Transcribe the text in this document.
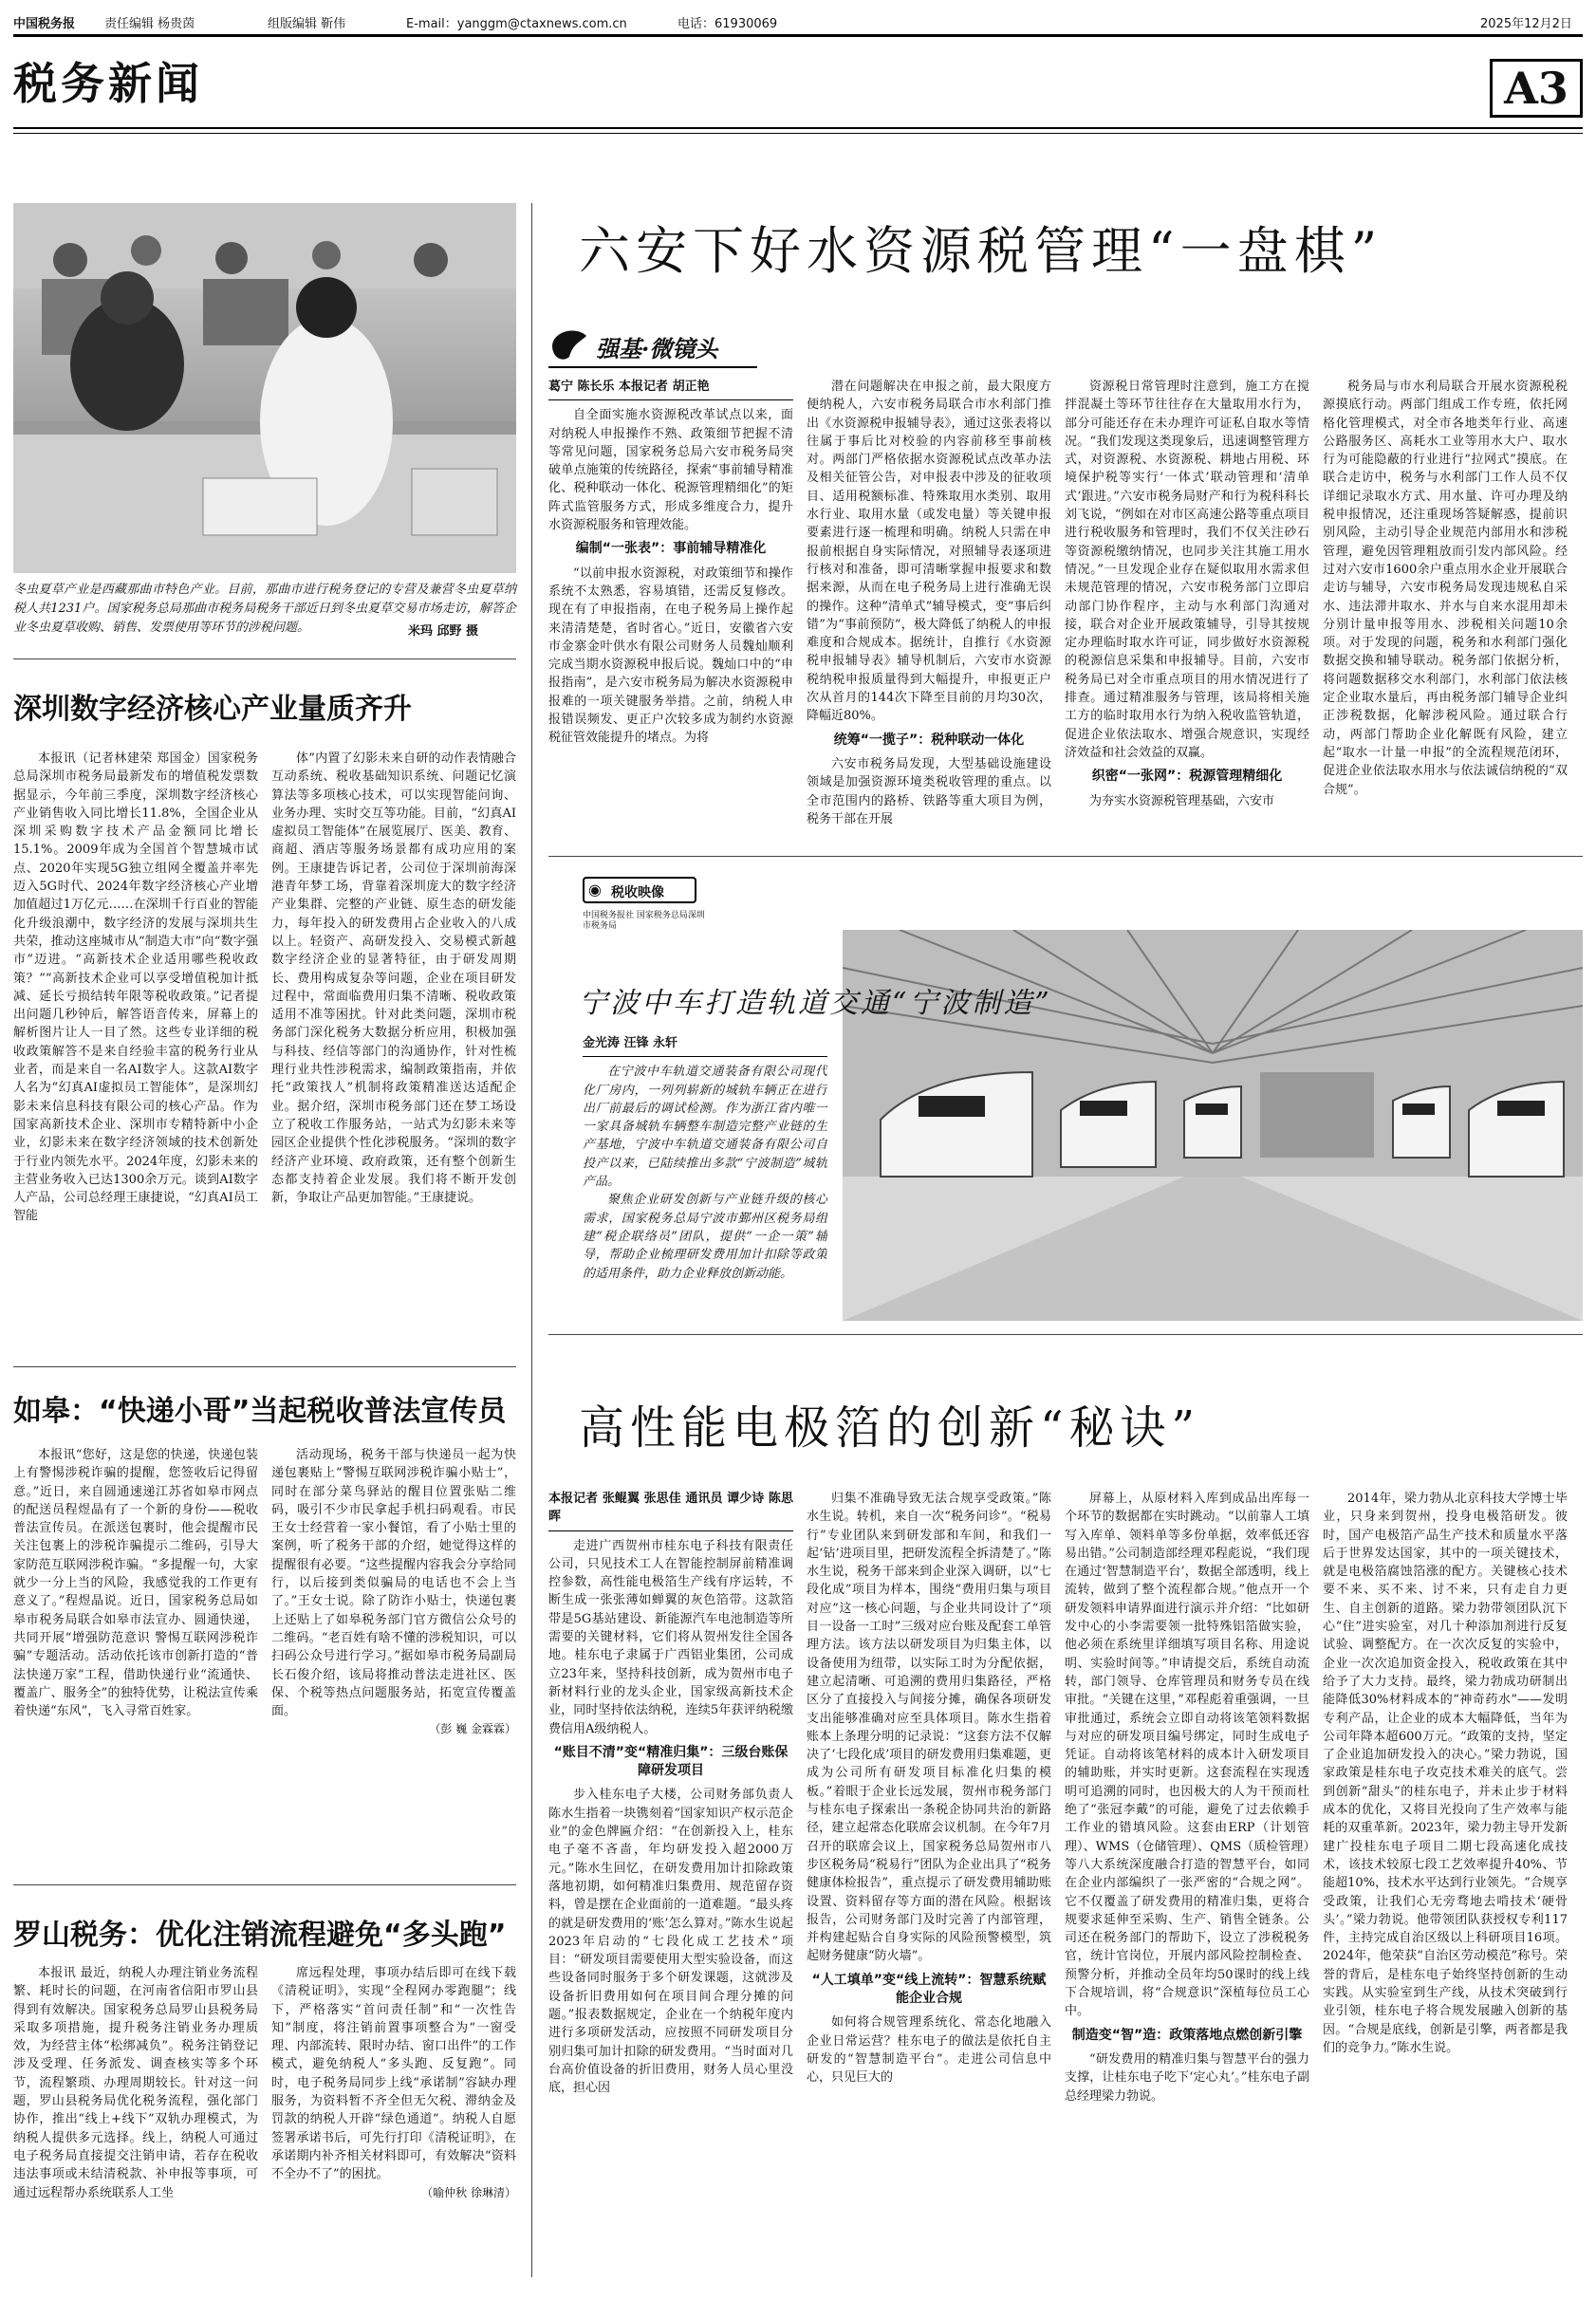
中国税务报 责任编辑 杨贵茵	组版编辑 靳伟	E-mail：yanggm@ctaxnews.com.cn	电话：61930069	2025年12月2日
税务新闻	A3
冬虫夏草产业是西藏那曲市特色产业。目前，那曲市进行税务登记的专营及兼营冬虫夏草纳税人共1231户。国家税务总局那曲市税务局税务干部近日到冬虫夏草交易市场走访，解答企业冬虫夏草收购、销售、发票使用等环节的涉税问题。	米玛 邱野 摄
深圳数字经济核心产业量质齐升

本报讯（记者林建荣 郑国金）国家税务总局深圳市税务局最新发布的增值税发票数据显示，今年前三季度，深圳数字经济核心产业销售收入同比增长11.8%，全国企业从深圳采购数字技术产品金额同比增长15.1%。2009年成为全国首个智慧城市试点、2020年实现5G独立组网全覆盖并率先迈入5G时代、2024年数字经济核心产业增加值超过1万亿元……在深圳千行百业的智能化升级浪潮中，数字经济的发展与深圳共生共荣，推动这座城市从“制造大市”向“数字强市”迈进。“高新技术企业适用哪些税收政策？”“高新技术企业可以享受增值税加计抵减、延长亏损结转年限等税收政策。”记者提出问题几秒钟后，解答语音传来，屏幕上的解析图片让人一目了然。这些专业详细的税收政策解答不是来自经验丰富的税务行业从业者，而是来自一名AI数字人。这款AI数字人名为“幻真AI虚拟员工智能体”，是深圳幻影未来信息科技有限公司的核心产品。作为国家高新技术企业、深圳市专精特新中小企业，幻影未来在数字经济领域的技术创新处于行业内领先水平。2024年度，幻影未来的主营业务收入已达1300余万元。谈到AI数字人产品，公司总经理王康捷说，“幻真AI员工智能

体”内置了幻影未来自研的动作表情融合互动系统、税收基础知识系统、问题记忆演算法等多项核心技术，可以实现智能问询、业务办理、实时交互等功能。目前，“幻真AI虚拟员工智能体”在展览展厅、医美、教育、商超、酒店等服务场景都有成功应用的案例。王康捷告诉记者，公司位于深圳前海深港青年梦工场，背靠着深圳庞大的数字经济产业集群、完整的产业链、原生态的研发能力，每年投入的研发费用占企业收入的八成以上。轻资产、高研发投入、交易模式新越数字经济企业的显著特征，由于研发周期长、费用构成复杂等问题，企业在项目研发过程中，常面临费用归集不清晰、税收政策适用不准等困扰。针对此类问题，深圳市税务部门深化税务大数据分析应用，积极加强与科技、经信等部门的沟通协作，针对性梳理行业共性涉税需求，编制政策指南，并依托“政策找人”机制将政策精准送达适配企业。据介绍，深圳市税务部门还在梦工场设立了税收工作服务站，一站式为幻影未来等园区企业提供个性化涉税服务。“深圳的数字经济产业环境、政府政策，还有整个创新生态都支持着企业发展。我们将不断开发创新，争取让产品更加智能。”王康捷说。

如皋：“快递小哥”当起税收普法宣传员

本报讯“您好，这是您的快递，快递包装上有警惕涉税诈骗的提醒，您签收后记得留意。”近日，来自圆通速递江苏省如皋市网点的配送员程煜晶有了一个新的身份——税收普法宣传员。在派送包裹时，他会提醒市民关注包裹上的涉税诈骗提示二维码，引导大家防范互联网涉税诈骗。“多提醒一句，大家就少一分上当的风险，我感觉我的工作更有意义了。”程煜晶说。近日，国家税务总局如皋市税务局联合如皋市法宣办、圆通快递，共同开展“增强防范意识 警惕互联网涉税诈骗”专题活动。活动依托该市创新打造的“普法快递万家”工程，借助快递行业“流通快、覆盖广、服务全”的独特优势，让税法宣传乘着快递“东风”，飞入寻常百姓家。

活动现场，税务干部与快递员一起为快递包裹贴上“警惕互联网涉税诈骗小贴士”，同时在部分菜鸟驿站的醒目位置张贴二维码，吸引不少市民拿起手机扫码观看。市民王女士经营着一家小餐馆，看了小贴士里的案例，听了税务干部的介绍，她觉得这样的提醒很有必要。“这些提醒内容我会分享给同行，以后接到类似骗局的电话也不会上当了。”王女士说。除了防诈小贴士，快递包裹上还贴上了如皋税务部门官方微信公众号的二维码。“老百姓有啥不懂的涉税知识，可以扫码公众号进行学习。”据如皋市税务局副局长石俊介绍，该局将推动普法走进社区、医保、个税等热点问题服务站，拓宽宣传覆盖面。

（彭 巍 金霖霖）

罗山税务：优化注销流程避免“多头跑”

本报讯 最近，纳税人办理注销业务流程繁、耗时长的问题，在河南省信阳市罗山县得到有效解决。国家税务总局罗山县税务局采取多项措施，提升税务注销业务办理质效，为经营主体“松绑减负”。税务注销登记涉及受理、任务派发、调查核实等多个环节，流程繁琐、办理周期较长。针对这一问题，罗山县税务局优化税务流程，强化部门协作，推出“线上+线下”双轨办理模式，为纳税人提供多元选择。线上，纳税人可通过电子税务局直接提交注销申请，若存在税收违法事项或未结清税款、补申报等事项，可通过远程帮办系统联系人工坐

席远程处理，事项办结后即可在线下载《清税证明》，实现“全程网办零跑腿”；线下，严格落实“首问责任制”和“一次性告知”制度，将注销前置事项整合为“一窗受理、内部流转、限时办结、窗口出件”的工作模式，避免纳税人“多头跑、反复跑”。同时，电子税务局同步上线“承诺制”容缺办理服务，为资料暂不齐全但无欠税、滞纳金及罚款的纳税人开辟“绿色通道”。纳税人自愿签署承诺书后，可先行打印《清税证明》，在承诺期内补齐相关材料即可，有效解决“资料不全办不了”的困扰。

（喻仲秋 徐琳清）

六安下好水资源税管理“一盘棋”
强基·微镜头

葛宁 陈长乐 本报记者 胡正艳

自全面实施水资源税改革试点以来，面对纳税人申报操作不熟、政策细节把握不清等常见问题，国家税务总局六安市税务局突破单点施策的传统路径，探索“事前辅导精准化、税种联动一体化、税源管理精细化”的矩阵式监管服务方式，形成多维度合力，提升水资源税服务和管理效能。

编制“一张表”：事前辅导精准化

“以前申报水资源税，对政策细节和操作系统不太熟悉，容易填错，还需反复修改。现在有了申报指南，在电子税务局上操作起来清清楚楚，省时省心。”近日，安徽省六安市金寨金叶供水有限公司财务人员魏灿顺利完成当期水资源税申报后说。魏灿口中的“申报指南”，是六安市税务局为解决水资源税申报难的一项关键服务举措。之前，纳税人申报错误频发、更正户次较多成为制约水资源税征管效能提升的堵点。为将

潜在问题解决在申报之前，最大限度方便纳税人，六安市税务局联合市水利部门推出《水资源税申报辅导表》，通过这张表将以往属于事后比对校验的内容前移至事前核对。两部门严格依据水资源税试点改革办法及相关征管公告，对申报表中涉及的征收项目、适用税额标准、特殊取用水类别、取用水行业、取用水量（或发电量）等关键申报要素进行逐一梳理和明确。纳税人只需在申报前根据自身实际情况，对照辅导表逐项进行核对和准备，即可清晰掌握申报要求和数据来源，从而在电子税务局上进行准确无误的操作。这种“清单式”辅导模式，变“事后纠错”为“事前预防”，极大降低了纳税人的申报难度和合规成本。据统计，自推行《水资源税申报辅导表》辅导机制后，六安市水资源税纳税申报质量得到大幅提升，申报更正户次从首月的144次下降至目前的月均30次，降幅近80%。

统筹“一揽子”：税种联动一体化

六安市税务局发现，大型基础设施建设领域是加强资源环境类税收管理的重点。以全市范围内的路桥、铁路等重大项目为例，税务干部在开展

资源税日常管理时注意到，施工方在搅拌混凝土等环节往往存在大量取用水行为，部分可能还存在未办理许可证私自取水等情况。“我们发现这类现象后，迅速调整管理方式，对资源税、水资源税、耕地占用税、环境保护税等实行‘一体式’联动管理和‘清单式’跟进。”六安市税务局财产和行为税科科长刘飞说，“例如在对市区高速公路等重点项目进行税收服务和管理时，我们不仅关注砂石等资源税缴纳情况，也同步关注其施工用水情况。”一旦发现企业存在疑似取用水需求但未规范管理的情况，六安市税务部门立即启动部门协作程序，主动与水利部门沟通对接，联合对企业开展政策辅导，引导其按规定办理临时取水许可证，同步做好水资源税的税源信息采集和申报辅导。目前，六安市税务局已对全市重点项目的用水情况进行了排查。通过精准服务与管理，该局将相关施工方的临时取用水行为纳入税收监管轨道，促进企业依法取水、增强合规意识，实现经济效益和社会效益的双赢。

织密“一张网”：税源管理精细化

为夯实水资源税管理基础，六安市

税务局与市水利局联合开展水资源税税源摸底行动。两部门组成工作专班，依托网格化管理模式，对全市各地类年行业、高速公路服务区、高耗水工业等用水大户、取水行为可能隐蔽的行业进行“拉网式”摸底。在联合走访中，税务与水利部门工作人员不仅详细记录取水方式、用水量、许可办理及纳税申报情况，还注重现场答疑解惑，提前识别风险，主动引导企业规范内部用水和涉税管理，避免因管理粗放而引发内部风险。经过对六安市1600余户重点用水企业开展联合走访与辅导，六安市税务局发现违规私自采水、违法滞井取水、并水与自来水混用却未分别计量申报等用水、涉税相关问题10余项。对于发现的问题，税务和水利部门强化数据交换和辅导联动。税务部门依据分析，将问题数据移交水利部门，水利部门依法核定企业取水量后，再由税务部门辅导企业纠正涉税数据，化解涉税风险。通过联合行动，两部门帮助企业化解既有风险，建立起“取水一计量一申报”的全流程规范闭环，促进企业依法取水用水与依法诚信纳税的“双合规”。

◉ 税收映像
中国税务报社 国家税务总局深圳市税务局
宁波中车打造轨道交通“宁波制造”

金光涛 汪锋 永轩

在宁波中车轨道交通装备有限公司现代化厂房内，一列列崭新的城轨车辆正在进行出厂前最后的调试检测。作为浙江省内唯一一家具备城轨车辆整车制造完整产业链的生产基地，宁波中车轨道交通装备有限公司自投产以来，已陆续推出多款“宁波制造”城轨产品。

聚焦企业研发创新与产业链升级的核心需求，国家税务总局宁波市鄞州区税务局组建“税企联络员”团队，提供“一企一策”辅导，帮助企业梳理研发费用加计扣除等政策的适用条件，助力企业释放创新动能。

高性能电极箔的创新“秘诀”

本报记者 张鲲翼 张思佳 通讯员 谭少诗 陈思晖

走进广西贺州市桂东电子科技有限责任公司，只见技术工人在智能控制屏前精准调控参数，高性能电极箔生产线有序运转，不断生成一张张薄如蝉翼的灰色箔带。这款箔带是5G基站建设、新能源汽车电池制造等所需要的关键材料，它们将从贺州发往全国各地。桂东电子隶属于广西铝业集团，公司成立23年来，坚持科技创新，成为贺州市电子新材料行业的龙头企业，国家级高新技术企业，同时坚持依法纳税，连续5年获评纳税缴费信用A级纳税人。

“账目不清”变“精准归集”：三级台账保障研发项目

步入桂东电子大楼，公司财务部负责人陈水生指着一块镌刻着“国家知识产权示范企业”的金色牌匾介绍：“在创新投入上，桂东电子毫不吝啬，年均研发投入超2000万元。”陈水生回忆，在研发费用加计扣除政策落地初期，如何精准归集费用、规范留存资料，曾是摆在企业面前的一道难题。“最头疼的就是研发费用的‘账’怎么算对。”陈水生说起2023年启动的“七段化成工艺技术”项目：“研发项目需要使用大型实验设备，而这些设备同时服务于多个研发课题，这就涉及设备折旧费用如何在项目间合理分摊的问题。”报表数据规定，企业在一个纳税年度内进行多项研发活动，应按照不同研发项目分别归集可加计扣除的研发费用。“当时面对几台高价值设备的折旧费用，财务人员心里没底，担心因

归集不准确导致无法合规享受政策。”陈水生说。转机，来自一次“税务问诊”。“税易行”专业团队来到研发部和车间，和我们一起‘钻’进项目里，把研发流程全拆清楚了。”陈水生说，税务干部来到企业深入调研，以“七段化成”项目为样本，围绕“费用归集与项目对应”这一核心问题，与企业共同设计了“项目一设备一工时”三级对应台账及配套工单管理方法。该方法以研发项目为归集主体，以设备使用为纽带，以实际工时为分配依据，建立起清晰、可追溯的费用归集路径，严格区分了直接投入与间接分摊，确保各项研发支出能够准确对应至具体项目。陈水生指着账本上条理分明的记录说：“这套方法不仅解决了‘七段化成’项目的研发费用归集难题，更成为公司所有研发项目标准化归集的模板。”着眼于企业长远发展，贺州市税务部门与桂东电子探索出一条税企协同共治的新路径，建立起常态化联席会议机制。在今年7月召开的联席会议上，国家税务总局贺州市八步区税务局“税易行”团队为企业出具了“税务健康体检报告”，重点提示了研发费用辅助账设置、资料留存等方面的潜在风险。根据该报告，公司财务部门及时完善了内部管理，并构建起贴合自身实际的风险预警模型，筑起财务健康“防火墙”。

“人工填单”变“线上流转”：智慧系统赋能企业合规

如何将合规管理系统化、常态化地融入企业日常运营？桂东电子的做法是依托自主研发的“智慧制造平台”。走进公司信息中心，只见巨大的

屏幕上，从原材料入库到成品出库每一个环节的数据都在实时跳动。“以前靠人工填写入库单、领料单等多份单据，效率低还容易出错。”公司制造部经理邓程彪说，“我们现在通过‘智慧制造平台’，数据全部透明，线上流转，做到了整个流程都合规。”他点开一个研发领料申请界面进行演示并介绍：“比如研发中心的小李需要领一批特殊铝箔做实验，他必须在系统里详细填写项目名称、用途说明、实验时间等。”申请提交后，系统自动流转，部门领导、仓库管理员和财务专员在线审批。“关键在这里，”邓程彪着重强调，一旦审批通过，系统会立即自动将该笔领料数据与对应的研发项目编号绑定，同时生成电子凭证。自动将该笔材料的成本计入研发项目的辅助账，并实时更新。这套流程在实现透明可追溯的同时，也因极大的人为干预而杜绝了“张冠李戴”的可能，避免了过去依赖手工作业的错填风险。这套由ERP（计划管理）、WMS（仓储管理）、QMS（质检管理）等八大系统深度融合打造的智慧平台，如同在企业内部编织了一张严密的“合规之网”。它不仅覆盖了研发费用的精准归集，更将合规要求延伸至采购、生产、销售全链条。公司还在税务部门的帮助下，设立了涉税税务官，统计官岗位，开展内部风险控制检查、预警分析，并推动全员年均50课时的线上线下合规培训，将“合规意识”深植每位员工心中。

制造变“智”造：政策落地点燃创新引擎

“研发费用的精准归集与智慧平台的强力支撑，让桂东电子吃下‘定心丸’。”桂东电子副总经理梁力勃说。

2014年，梁力勃从北京科技大学博士毕业，只身来到贺州，投身电极箔研发。彼时，国产电极箔产品生产技术和质量水平落后于世界发达国家，其中的一项关键技术，就是电极箔腐蚀箔涨的配方。关键核心技术要不来、买不来、讨不来，只有走自力更生、自主创新的道路。梁力勃带领团队沉下心“住”进实验室，对几十种添加剂进行反复试验、调整配方。在一次次反复的实验中，企业一次次追加资金投入，税收政策在其中给予了大力支持。最终，梁力勃成功研制出能降低30%材料成本的“神奇药水”——发明专利产品，让企业的成本大幅降低，当年为公司年降本超600万元。“政策的支持，坚定了企业追加研发投入的决心。”梁力勃说，国家政策是桂东电子攻克技术难关的底气。尝到创新“甜头”的桂东电子，并未止步于材料成本的优化，又将目光投向了生产效率与能耗的双重革新。2023年，梁力勃主导开发新建广投桂东电子项目二期七段高速化成技术，该技术较原七段工艺效率提升40%、节能超10%，技术水平达到行业领先。“合规享受政策，让我们心无旁骛地去啃技术‘硬骨头’。”梁力勃说。他带领团队获授权专利117件，主持完成自治区级以上科研项目16项。2024年，他荣获“自治区劳动模范”称号。荣誉的背后，是桂东电子始终坚持创新的生动实践。从实验室到生产线，从技术突破到行业引领，桂东电子将合规发展融入创新的基因。“合规是底线，创新是引擎，两者都是我们的竞争力。”陈水生说。
